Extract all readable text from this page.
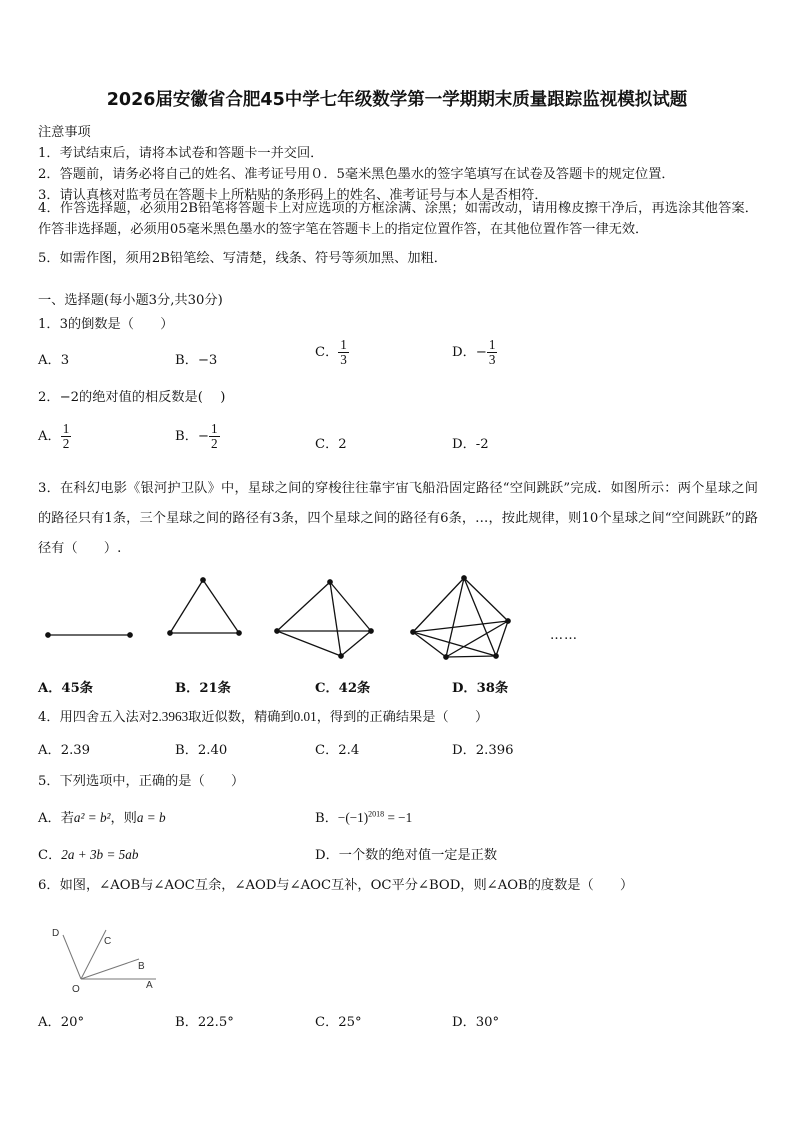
2026届安徽省合肥45中学七年级数学第一学期期末质量跟踪监视模拟试题
注意事项
1．考试结束后，请将本试卷和答题卡一并交回．
2．答题前，请务必将自己的姓名、准考证号用０．5毫米黑色墨水的签字笔填写在试卷及答题卡的规定位置．
3．请认真核对监考员在答题卡上所粘贴的条形码上的姓名、准考证号与本人是否相符．
4．作答选择题，必须用2B铅笔将答题卡上对应选项的方框涂满、涂黑；如需改动，请用橡皮擦干净后，再选涂其他答案．作答非选择题，必须用05毫米黑色墨水的签字笔在答题卡上的指定位置作答，在其他位置作答一律无效．
5．如需作图，须用2B铅笔绘、写清楚，线条、符号等须加黑、加粗．
一、选择题(每小题3分,共30分)
1．3的倒数是（　　）
A．3	B．−3
C． $\frac{1}{3}$	D．− $\frac{1}{3}$
2．−2的绝对值的相反数是(　 )
A． $\frac{1}{2}$	B．− $\frac{1}{2}$	C．2	D．-2
3．在科幻电影《银河护卫队》中，星球之间的穿梭往往靠宇宙飞船沿固定路径“空间跳跃”完成．如图所示：两个星球之间的路径只有1条，三个星球之间的路径有3条，四个星球之间的路径有6条，…，按此规律，则10个星球之间“空间跳跃”的路径有（　　）.
……
A．45条	B．21条	C．42条	D．38条
4．用四舍五入法对2.3963取近似数，精确到0.01，得到的正确结果是（　　）
A．2.39	B．2.40	C．2.4	D．2.396
5．下列选项中，正确的是（　　）
A．若a² = b²，则a = b	B．$-(-1)^{2018} = -1$
C．2a + 3b = 5ab	D．一个数的绝对值一定是正数
6．如图，∠AOB与∠AOC互余，∠AOD与∠AOC互补，OC平分∠BOD，则∠AOB的度数是（　　）
D
C
B
O	A
A．20°	B．22.5°	C．25°	D．30°
